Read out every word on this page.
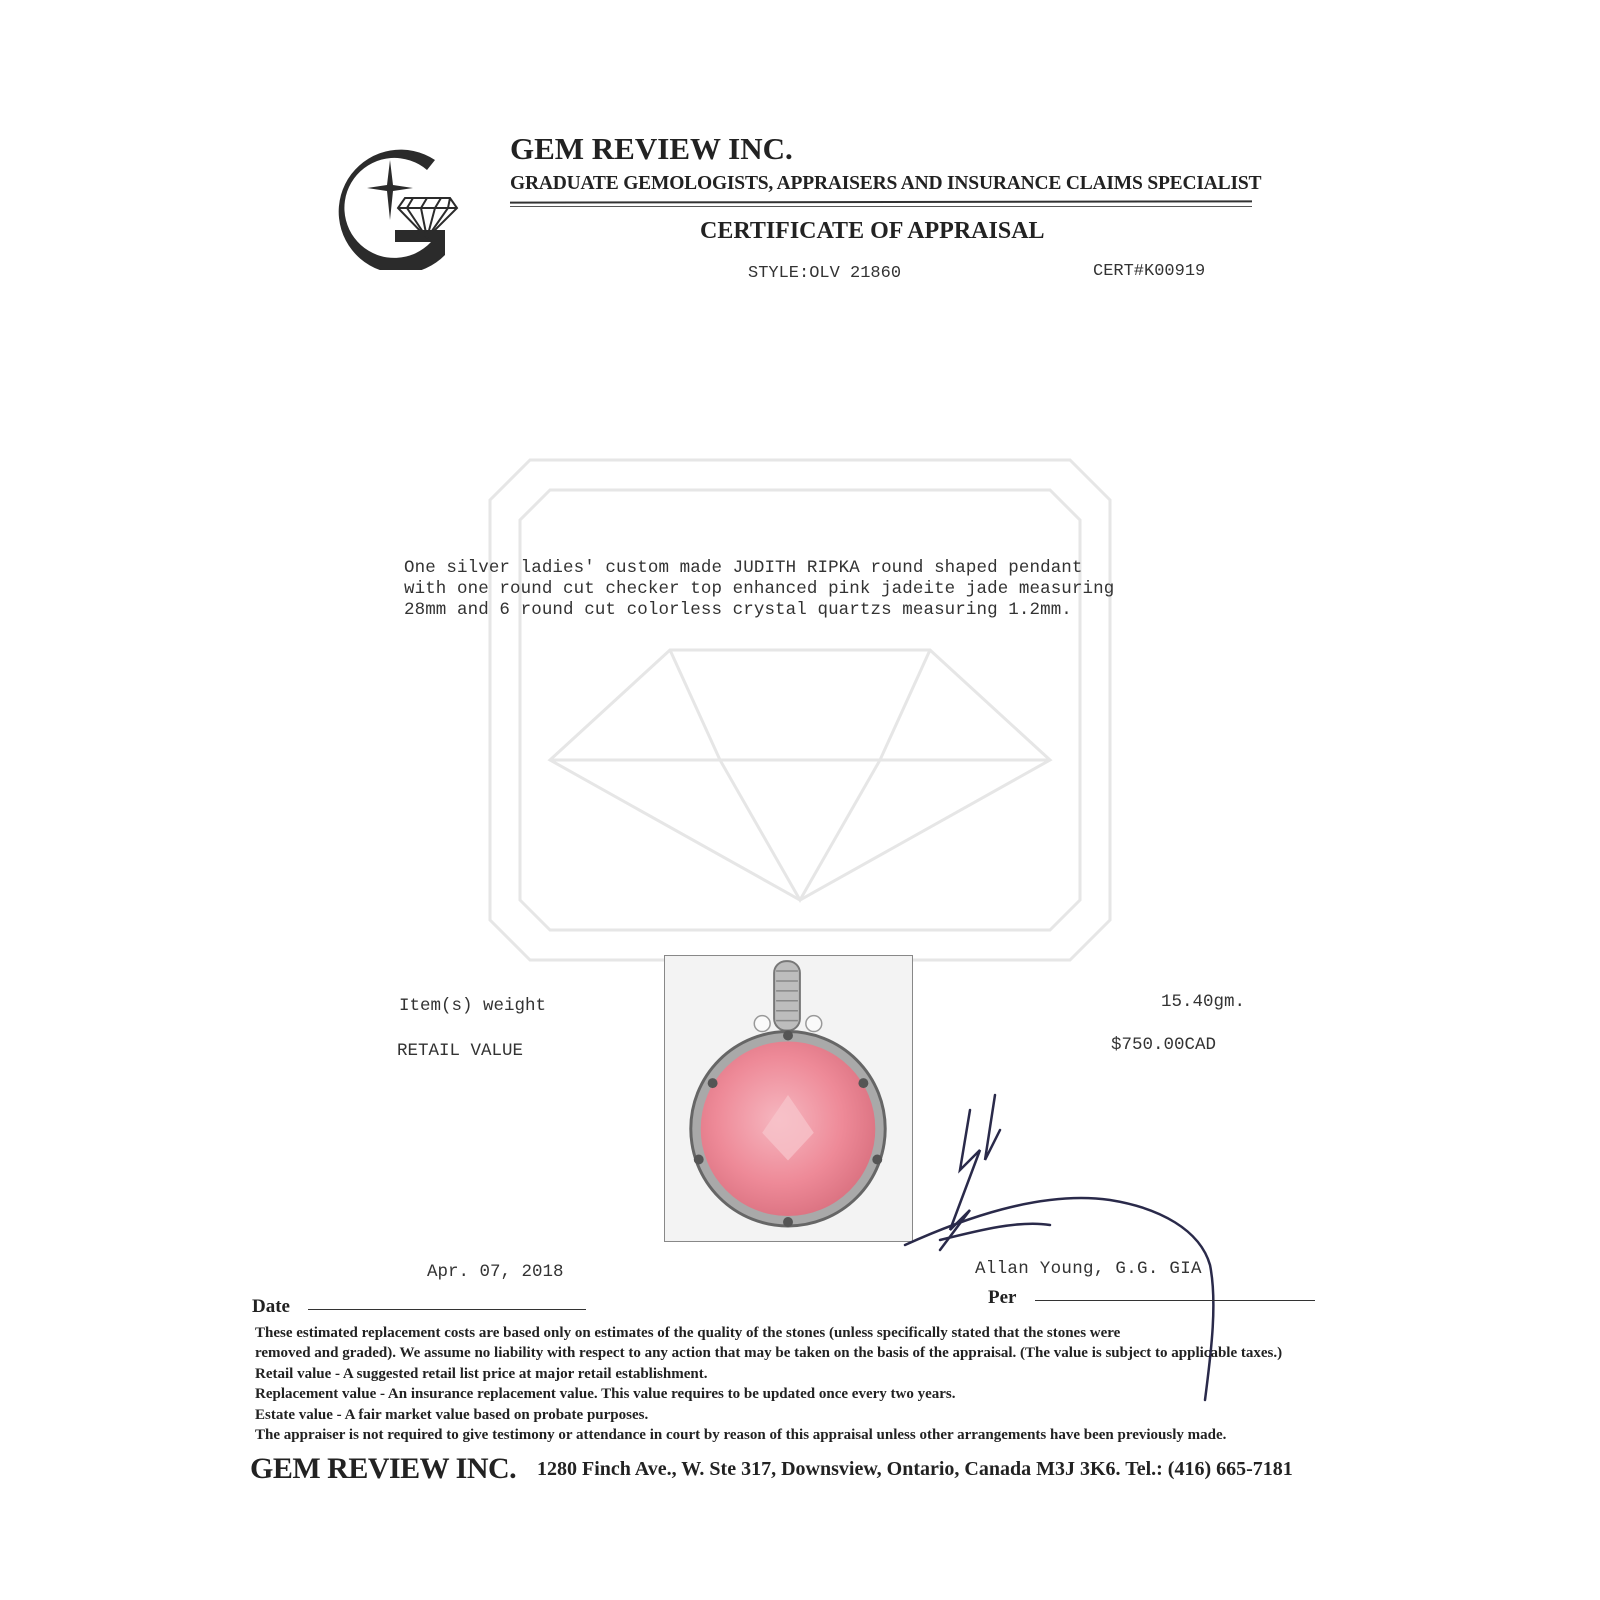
GEM REVIEW INC.
GRADUATE GEMOLOGISTS, APPRAISERS AND INSURANCE CLAIMS SPECIALIST
CERTIFICATE OF APPRAISAL
STYLE:OLV 21860	CERT#K00919
One silver ladies' custom made JUDITH RIPKA round shaped pendant
with one round cut checker top enhanced pink jadeite jade measuring
28mm and 6 round cut colorless crystal quartzs measuring 1.2mm.
Item(s) weight	15.40gm.
RETAIL VALUE	$750.00CAD
Apr. 07, 2018
Date
Allan Young, G.G. GIA
Per
These estimated replacement costs are based only on estimates of the quality of the stones (unless specifically stated that the stones were
removed and graded). We assume no liability with respect to any action that may be taken on the basis of the appraisal. (The value is subject to applicable taxes.)
Retail value - A suggested retail list price at major retail establishment.
Replacement value - An insurance replacement value. This value requires to be updated once every two years.
Estate value - A fair market value based on probate purposes.
The appraiser is not required to give testimony or attendance in court by reason of this appraisal unless other arrangements have been previously made.
GEM REVIEW INC. 1280 Finch Ave., W. Ste 317, Downsview, Ontario, Canada M3J 3K6. Tel.: (416) 665-7181
